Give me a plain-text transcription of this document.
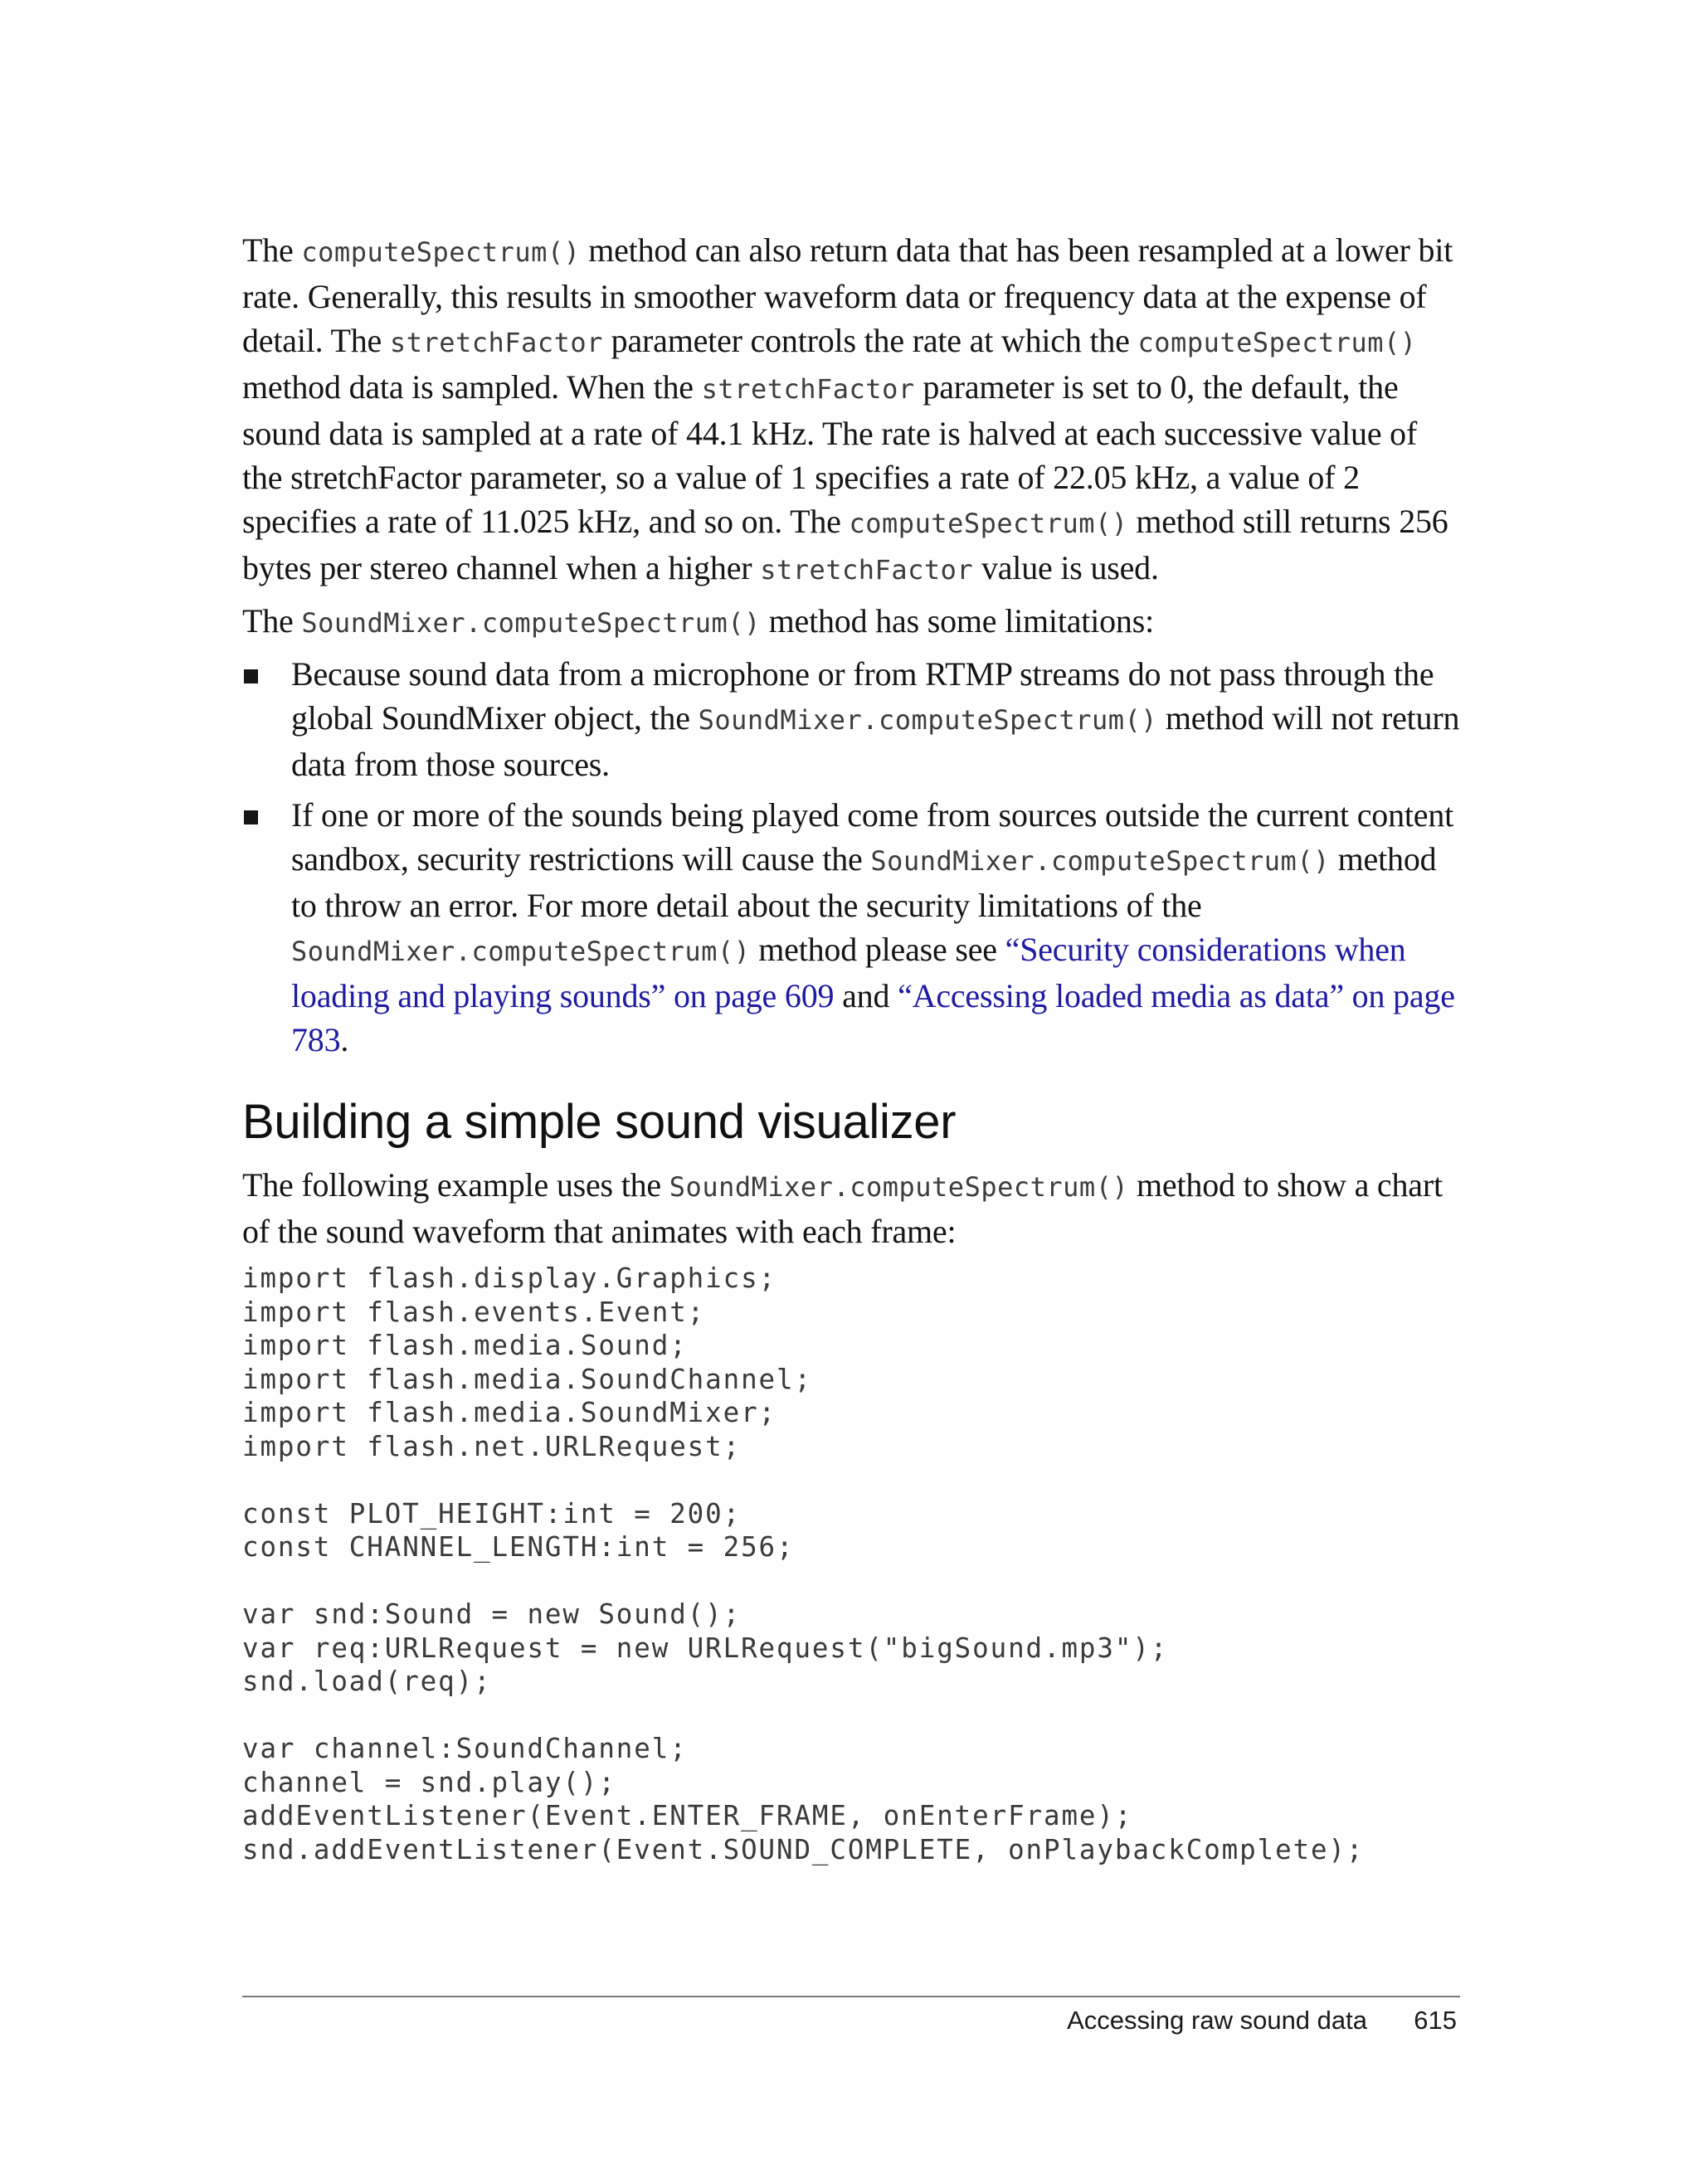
The computeSpectrum() method can also return data that has been resampled at a lower bit rate. Generally, this results in smoother waveform data or frequency data at the expense of detail. The stretchFactor parameter controls the rate at which the computeSpectrum() method data is sampled. When the stretchFactor parameter is set to 0, the default, the sound data is sampled at a rate of 44.1 kHz. The rate is halved at each successive value of the stretchFactor parameter, so a value of 1 specifies a rate of 22.05 kHz, a value of 2 specifies a rate of 11.025 kHz, and so on. The computeSpectrum() method still returns 256 bytes per stereo channel when a higher stretchFactor value is used.

The SoundMixer.computeSpectrum() method has some limitations:

Because sound data from a microphone or from RTMP streams do not pass through the global SoundMixer object, the SoundMixer.computeSpectrum() method will not return data from those sources.
If one or more of the sounds being played come from sources outside the current content sandbox, security restrictions will cause the SoundMixer.computeSpectrum() method to throw an error. For more detail about the security limitations of the SoundMixer.computeSpectrum() method please see “Security considerations when loading and playing sounds” on page 609 and “Accessing loaded media as data” on page 783.
Building a simple sound visualizer

The following example uses the SoundMixer.computeSpectrum() method to show a chart of the sound waveform that animates with each frame:

import flash.display.Graphics;
import flash.events.Event;
import flash.media.Sound;
import flash.media.SoundChannel;
import flash.media.SoundMixer;
import flash.net.URLRequest;

const PLOT_HEIGHT:int = 200;
const CHANNEL_LENGTH:int = 256;

var snd:Sound = new Sound();
var req:URLRequest = new URLRequest("bigSound.mp3");
snd.load(req);

var channel:SoundChannel;
channel = snd.play();
addEventListener(Event.ENTER_FRAME, onEnterFrame);
snd.addEventListener(Event.SOUND_COMPLETE, onPlaybackComplete);
Accessing raw sound data 615
